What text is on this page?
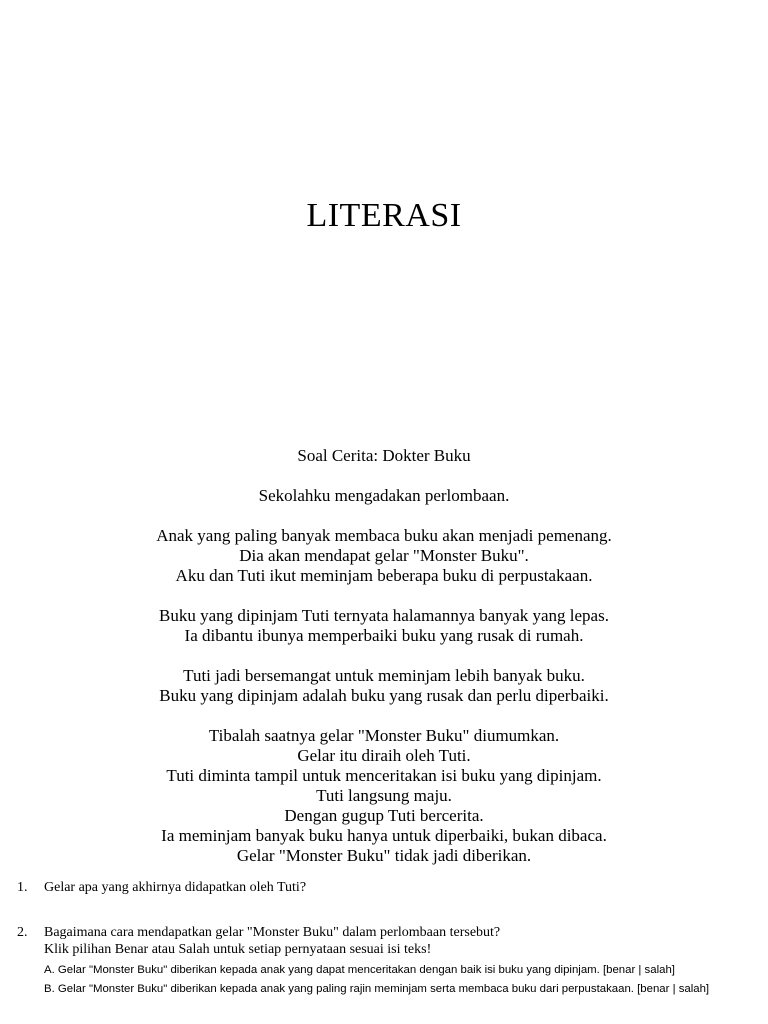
LITERASI
Soal Cerita: Dokter Buku
Sekolahku mengadakan perlombaan.
Anak yang paling banyak membaca buku akan menjadi pemenang.
Dia akan mendapat gelar "Monster Buku".
Aku dan Tuti ikut meminjam beberapa buku di perpustakaan.
Buku yang dipinjam Tuti ternyata halamannya banyak yang lepas.
Ia dibantu ibunya memperbaiki buku yang rusak di rumah.
Tuti jadi bersemangat untuk meminjam lebih banyak buku.
Buku yang dipinjam adalah buku yang rusak dan perlu diperbaiki.
Tibalah saatnya gelar "Monster Buku" diumumkan.
Gelar itu diraih oleh Tuti.
Tuti diminta tampil untuk menceritakan isi buku yang dipinjam.
Tuti langsung maju.
Dengan gugup Tuti bercerita.
Ia meminjam banyak buku hanya untuk diperbaiki, bukan dibaca.
Gelar "Monster Buku" tidak jadi diberikan.
1. Gelar apa yang akhirnya didapatkan oleh Tuti?
2. Bagaimana cara mendapatkan gelar "Monster Buku" dalam perlombaan tersebut?
Klik pilihan Benar atau Salah untuk setiap pernyataan sesuai isi teks!
A. Gelar "Monster Buku" diberikan kepada anak yang dapat menceritakan dengan baik isi buku yang dipinjam. [benar | salah]
B. Gelar "Monster Buku" diberikan kepada anak yang paling rajin meminjam serta membaca buku dari perpustakaan. [benar | salah]
